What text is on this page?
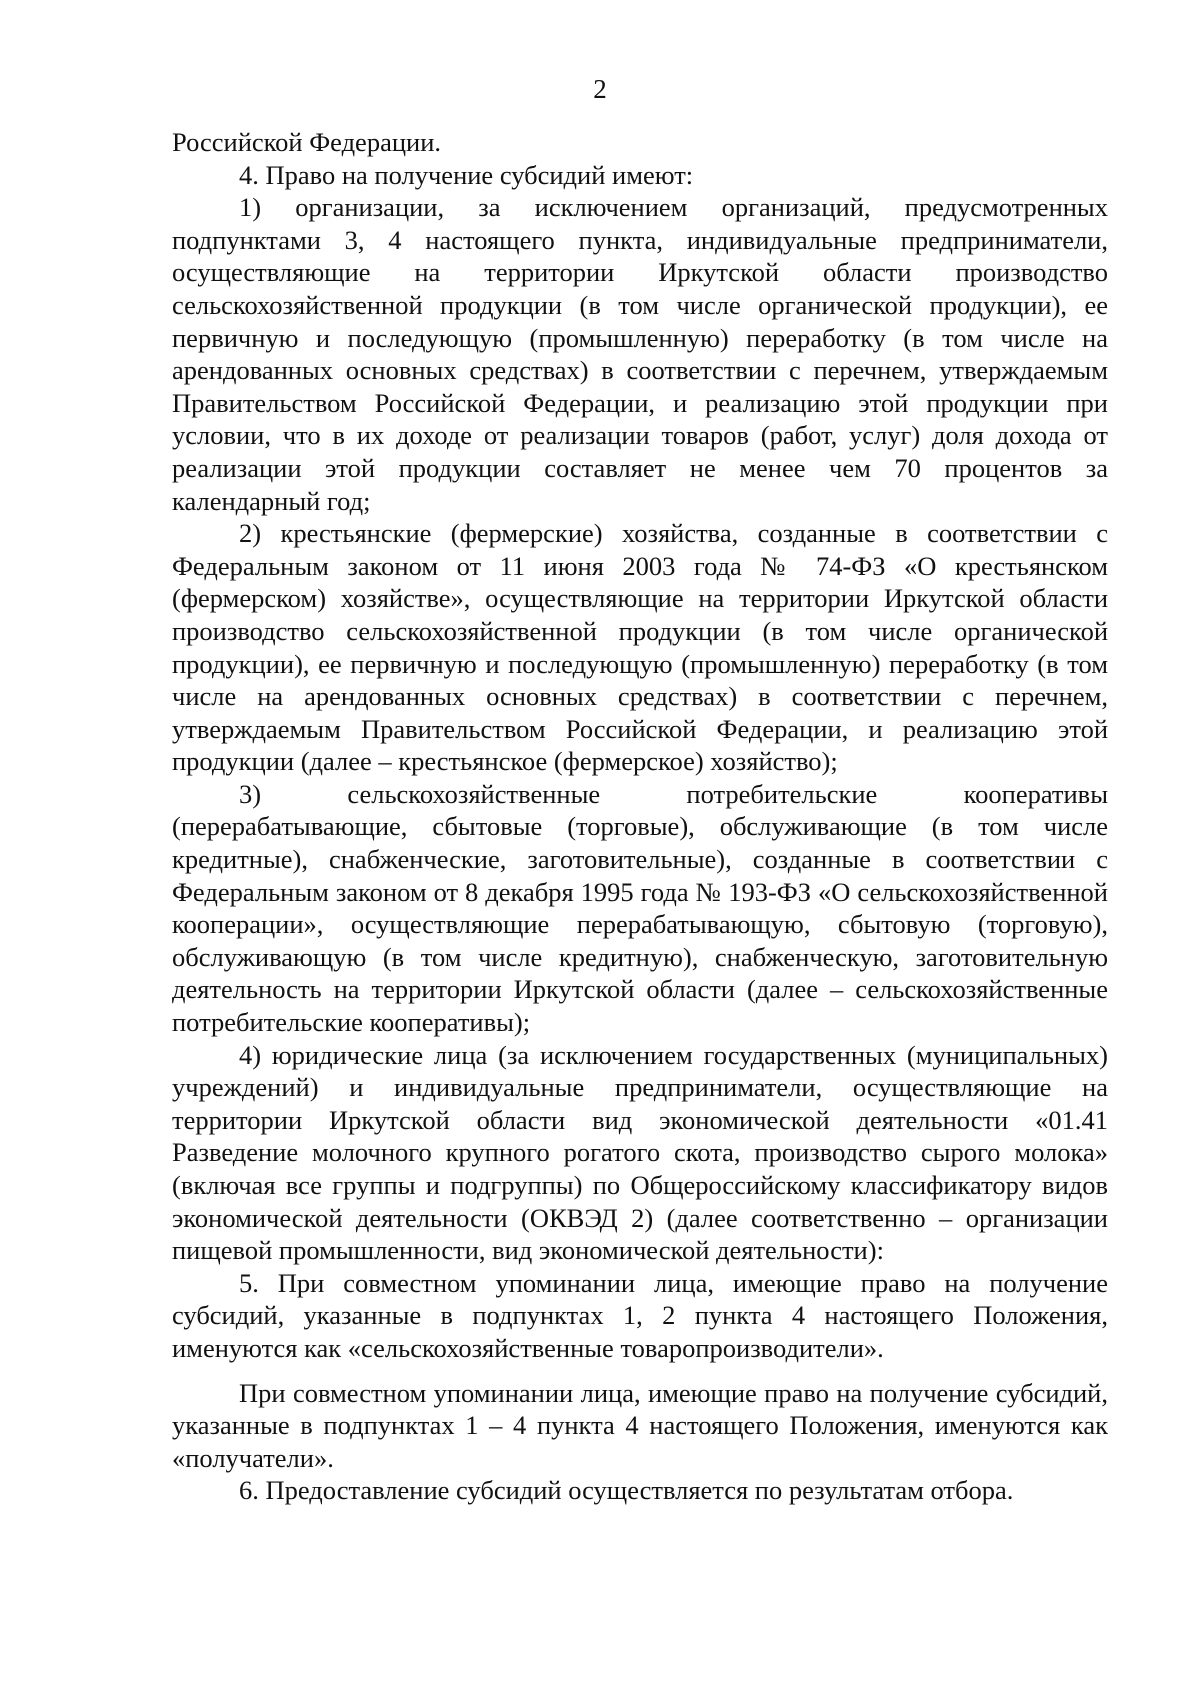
2

Российской Федерации.

4. Право на получение субсидий имеют:

1) организации, за исключением организаций, предусмотренных подпунктами 3, 4 настоящего пункта, индивидуальные предприниматели, осуществляющие на территории Иркутской области производство сельскохозяйственной продукции (в том числе органической продукции), ее первичную и последующую (промышленную) переработку (в том числе на арендованных основных средствах) в соответствии с перечнем, утверждаемым Правительством Российской Федерации, и реализацию этой продукции при условии, что в их доходе от реализации товаров (работ, услуг) доля дохода от реализации этой продукции составляет не менее чем 70 процентов за календарный год;

2) крестьянские (фермерские) хозяйства, созданные в соответствии с Федеральным законом от 11 июня 2003 года № 74-ФЗ «О крестьянском (фермерском) хозяйстве», осуществляющие на территории Иркутской области производство сельскохозяйственной продукции (в том числе органической продукции), ее первичную и последующую (промышленную) переработку (в том числе на арендованных основных средствах) в соответствии с перечнем, утверждаемым Правительством Российской Федерации, и реализацию этой продукции (далее – крестьянское (фермерское) хозяйство);

3) сельскохозяйственные потребительские кооперативы (перерабатывающие, сбытовые (торговые), обслуживающие (в том числе кредитные), снабженческие, заготовительные), созданные в соответствии с Федеральным законом от 8 декабря 1995 года № 193-ФЗ «О сельскохозяйственной кооперации», осуществляющие перерабатывающую, сбытовую (торговую), обслуживающую (в том числе кредитную), снабженческую, заготовительную деятельность на территории Иркутской области (далее – сельскохозяйственные потребительские кооперативы);

4) юридические лица (за исключением государственных (муниципальных) учреждений) и индивидуальные предприниматели, осуществляющие на территории Иркутской области вид экономической деятельности «01.41 Разведение молочного крупного рогатого скота, производство сырого молока» (включая все группы и подгруппы) по Общероссийскому классификатору видов экономической деятельности (ОКВЭД 2) (далее соответственно – организации пищевой промышленности, вид экономической деятельности):

5. При совместном упоминании лица, имеющие право на получение субсидий, указанные в подпунктах 1, 2 пункта 4 настоящего Положения, именуются как «сельскохозяйственные товаропроизводители».

При совместном упоминании лица, имеющие право на получение субсидий, указанные в подпунктах 1 – 4 пункта 4 настоящего Положения, именуются как «получатели».

6. Предоставление субсидий осуществляется по результатам отбора.
